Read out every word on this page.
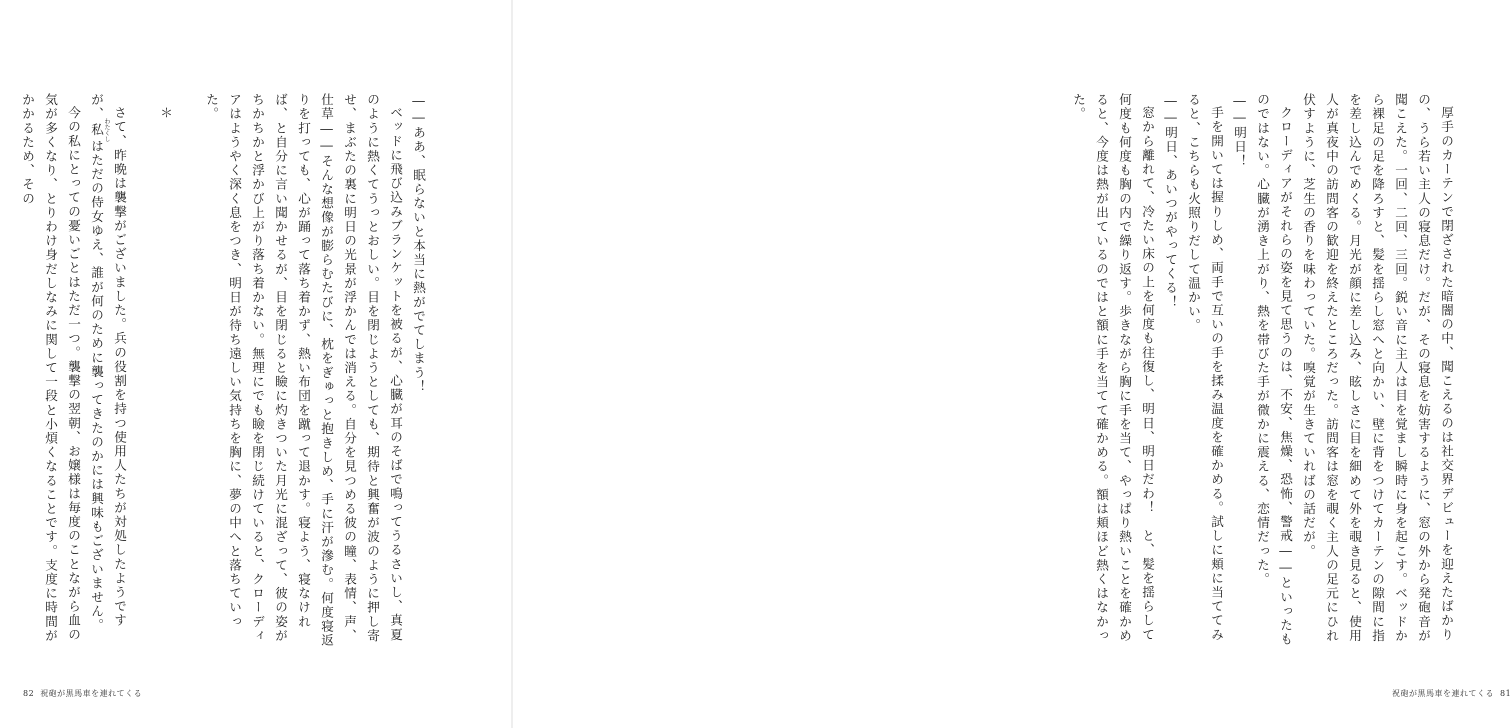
――ああ、眠らないと本当に熱がでてしまう！

ベッドに飛び込みブランケットを被るが、心臓が耳のそばで鳴ってうるさいし、真夏のように熱くてうっとおしい。目を閉じようとしても、期待と興奮が波のように押し寄せ、まぶたの裏に明日の光景が浮かんでは消える。自分を見つめる彼の瞳、表情、声、仕草――そんな想像が膨らむたびに、枕をぎゅっと抱きしめ、手に汗が滲む。何度寝返りを打っても、心が踊って落ち着かず、熱い布団を蹴って退かす。寝よう、寝なければ、と自分に言い聞かせるが、目を閉じると瞼に灼きついた月光に混ざって、彼の姿がちかちかと浮かび上がり落ち着かない。無理にでも瞼を閉じ続けていると、クローディアはようやく深く息をつき、明日が待ち遠しい気持ちを胸に、夢の中へと落ちていった。

＊

さて、昨晩は襲撃がございました。兵の役割を持つ使用人たちが対処したようですが、私 わたくしはただの侍女ゆえ、誰が何のために襲ってきたのかには興味もございません。

今の私にとっての憂いごとはただ一つ。襲撃の翌朝、お嬢様は毎度のことながら血の気が多くなり、とりわけ身だしなみに関して一段と小煩くなることです。支度に時間がかかるため、その

82 祝砲が黒馬車を連れてくる

厚手のカーテンで閉ざされた暗闇の中、聞こえるのは社交界デビューを迎えたばかりの、うら若い主人の寝息だけ。だが、その寝息を妨害するように、窓の外から発砲音が聞こえた。一回、二回、三回。鋭い音に主人は目を覚まし瞬時に身を起こす。ベッドから裸足の足を降ろすと、髪を揺らし窓へと向かい、壁に背をつけてカーテンの隙間に指を差し込んでめくる。月光が顔に差し込み、眩しさに目を細めて外を覗き見ると、使用人が真夜中の訪問客の歓迎を終えたところだった。訪問客は窓を覗く主人の足元にひれ伏すように、芝生の香りを味わっていた。嗅覚が生きていればの話だが。

クローディアがそれらの姿を見て思うのは、不安、焦燥、恐怖、警戒――といったものではない。心臓が湧き上がり、熱を帯びた手が微かに震える、恋情だった。

――明日！

手を開いては握りしめ、両手で互いの手を揉み温度を確かめる。試しに頬に当ててみると、こちらも火照りだして温かい。

――明日、あいつがやってくる！

窓から離れて、冷たい床の上を何度も往復し、明日、明日だわ！　と、髪を揺らして何度も何度も胸の内で繰り返す。歩きながら胸に手を当て、やっぱり熱いことを確かめると、今度は熱が出ているのではと額に手を当てて確かめる。額は頬ほど熱くはなかった。

祝砲が黒馬車を連れてくる 81
